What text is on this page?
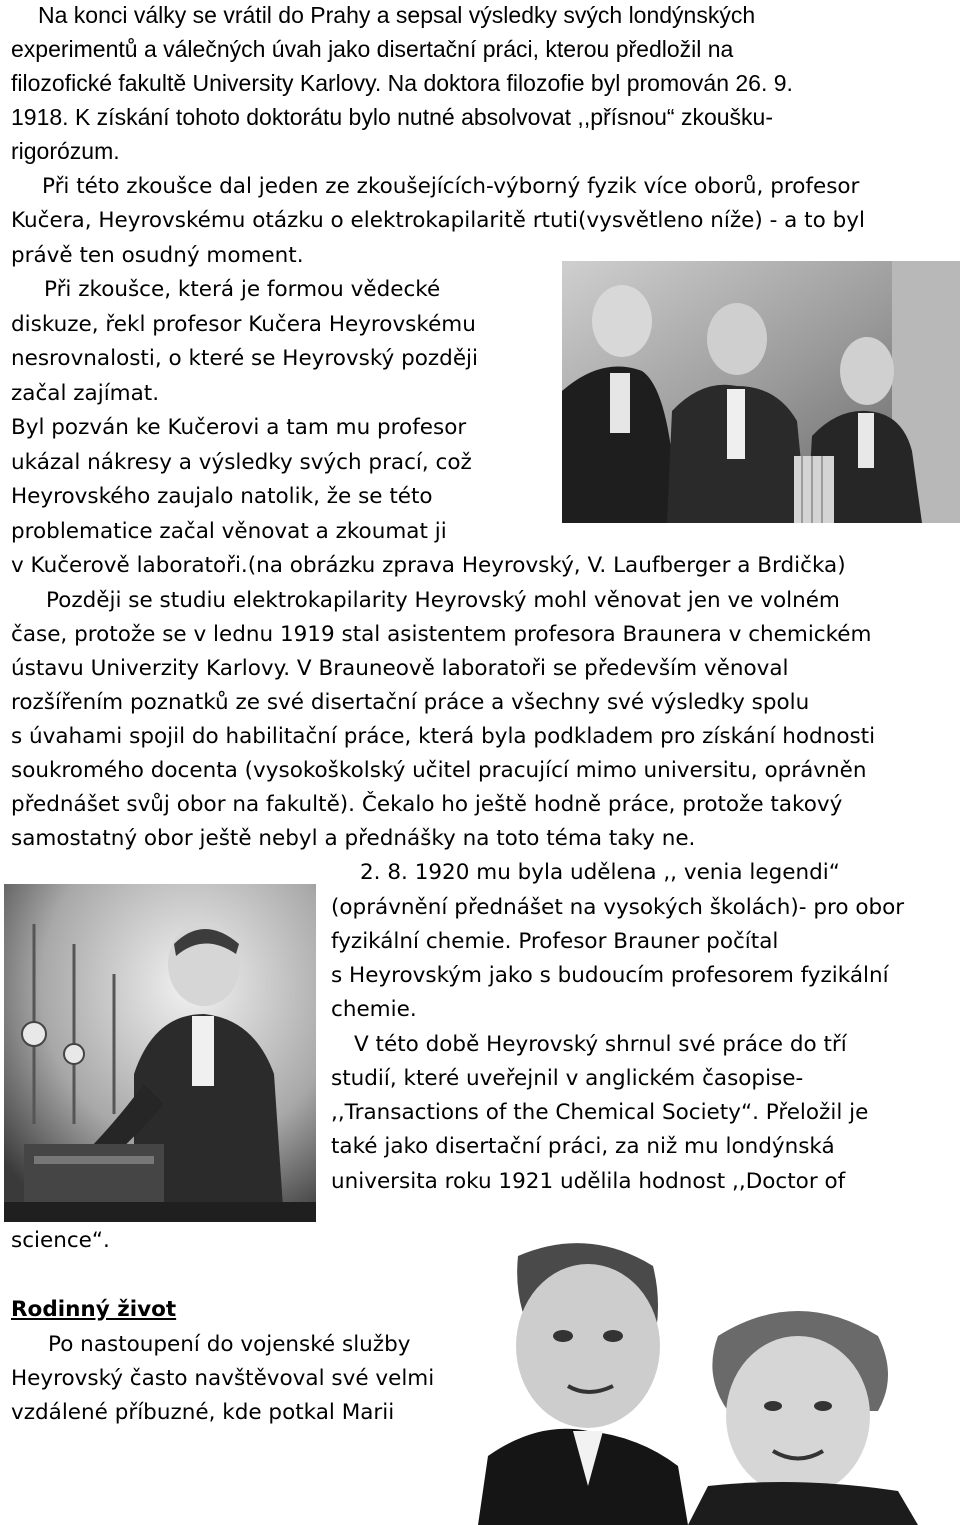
Na konci války se vrátil do Prahy a sepsal výsledky svých londýnských
experimentů a válečných úvah jako disertační práci, kterou předložil na
filozofické fakultě University Karlovy. Na doktora filozofie byl promován 26. 9.
1918. K získání tohoto doktorátu bylo nutné absolvovat ,,přísnou“ zkoušku-
rigorózum.
Při této zkoušce dal jeden ze zkoušejících-výborný fyzik více oborů, profesor
Kučera, Heyrovskému otázku o elektrokapilaritě rtuti(vysvětleno níže) - a to byl
právě ten osudný moment.
Při zkoušce, která je formou vědecké
diskuze, řekl profesor Kučera Heyrovskému
nesrovnalosti, o které se Heyrovský později
začal zajímat.
Byl pozván ke Kučerovi a tam mu profesor
ukázal nákresy a výsledky svých prací, což
Heyrovského zaujalo natolik, že se této
problematice začal věnovat a zkoumat ji
v Kučerově laboratoři.(na obrázku zprava Heyrovský, V. Laufberger a Brdička)
Později se studiu elektrokapilarity Heyrovský mohl věnovat jen ve volném
čase, protože se v lednu 1919 stal asistentem profesora Braunera v chemickém
ústavu Univerzity Karlovy. V Brauneově laboratoři se především věnoval
rozšířením poznatků ze své disertační práce a všechny své výsledky spolu
s úvahami spojil do habilitační práce, která byla podkladem pro získání hodnosti
soukromého docenta (vysokoškolský učitel pracující mimo universitu, oprávněn
přednášet svůj obor na fakultě). Čekalo ho ještě hodně práce, protože takový
samostatný obor ještě nebyl a přednášky na toto téma taky ne.
2. 8. 1920 mu byla udělena ,, venia legendi“
(oprávnění přednášet na vysokých školách)- pro obor
fyzikální chemie. Profesor Brauner počítal
s Heyrovským jako s budoucím profesorem fyzikální
chemie.
V této době Heyrovský shrnul své práce do tří
studií, které uveřejnil v anglickém časopise-
,,Transactions of the Chemical Society“. Přeložil je
také jako disertační práci, za niž mu londýnská
universita roku 1921 udělila hodnost ,,Doctor of
science“.
Rodinný život
Po nastoupení do vojenské služby
Heyrovský často navštěvoval své velmi
vzdálené příbuzné, kde potkal Marii
